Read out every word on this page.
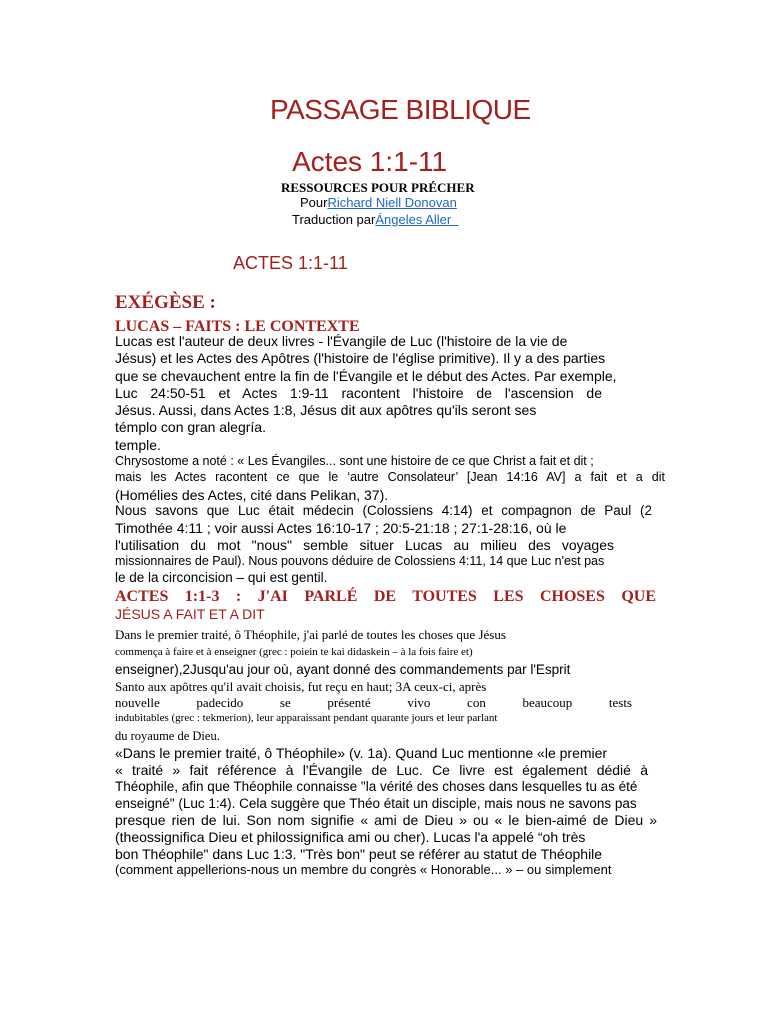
PASSAGE BIBLIQUE
Actes 1:1-11
RESSOURCES POUR PRÉCHER
PourRichard Niell Donovan
Traduction parÁngeles Aller
ACTES 1:1-11
EXÉGÈSE :
LUCAS – FAITS : LE CONTEXTE
Lucas est l'auteur de deux livres - l'Évangile de Luc (l'histoire de la vie de
Jésus) et les Actes des Apôtres (l'histoire de l'église primitive). Il y a des parties
que se chevauchent entre la fin de l'Évangile et le début des Actes. Par exemple,
Luc 24:50-51 et Actes 1:9-11 racontent l'histoire de l'ascension de
Jésus. Aussi, dans Actes 1:8, Jésus dit aux apôtres qu'ils seront ses
témplo con gran alegría.
temple.
Chrysostome a noté : « Les Évangiles... sont une histoire de ce que Christ a fait et dit ;
mais les Actes racontent ce que le ‘autre Consolateur’ [Jean 14:16 AV] a fait et a dit
(Homélies des Actes, cité dans Pelikan, 37).
Nous savons que Luc était médecin (Colossiens 4:14) et compagnon de Paul (2
Timothée 4:11 ; voir aussi Actes 16:10-17 ; 20:5-21:18 ; 27:1-28:16, où le
l'utilisation du mot "nous" semble situer Lucas au milieu des voyages
missionnaires de Paul). Nous pouvons déduire de Colossiens 4:11, 14 que Luc n'est pas
le de la circoncision – qui est gentil.
ACTES 1:1-3 : J'AI PARLÉ DE TOUTES LES CHOSES QUE
JÉSUS A FAIT ET A DIT
Dans le premier traité, ô Théophile, j'ai parlé de toutes les choses que Jésus
commença à faire et à enseigner (grec : poiein te kai didaskein – à la fois faire et)
enseigner),2Jusqu'au jour où, ayant donné des commandements par l'Esprit
Santo aux apôtres qu'il avait choisis, fut reçu en haut; 3A ceux-ci, après
nouvelle padecido se présenté vivo con beaucoup tests
indubitables (grec : tekmerion), leur apparaissant pendant quarante jours et leur parlant
du royaume de Dieu.
«Dans le premier traité, ô Théophile» (v. 1a). Quand Luc mentionne «le premier
« traité » fait référence à l'Évangile de Luc. Ce livre est également dédié à
Théophile, afin que Théophile connaisse "la vérité des choses dans lesquelles tu as été
enseigné" (Luc 1:4). Cela suggère que Théo était un disciple, mais nous ne savons pas
presque rien de lui. Son nom signifie « ami de Dieu » ou « le bien-aimé de Dieu »
(theossignifica Dieu et philossignifica ami ou cher). Lucas l'a appelé “oh très
bon Théophile" dans Luc 1:3. "Très bon" peut se référer au statut de Théophile
(comment appellerions-nous un membre du congrès « Honorable... » – ou simplement
